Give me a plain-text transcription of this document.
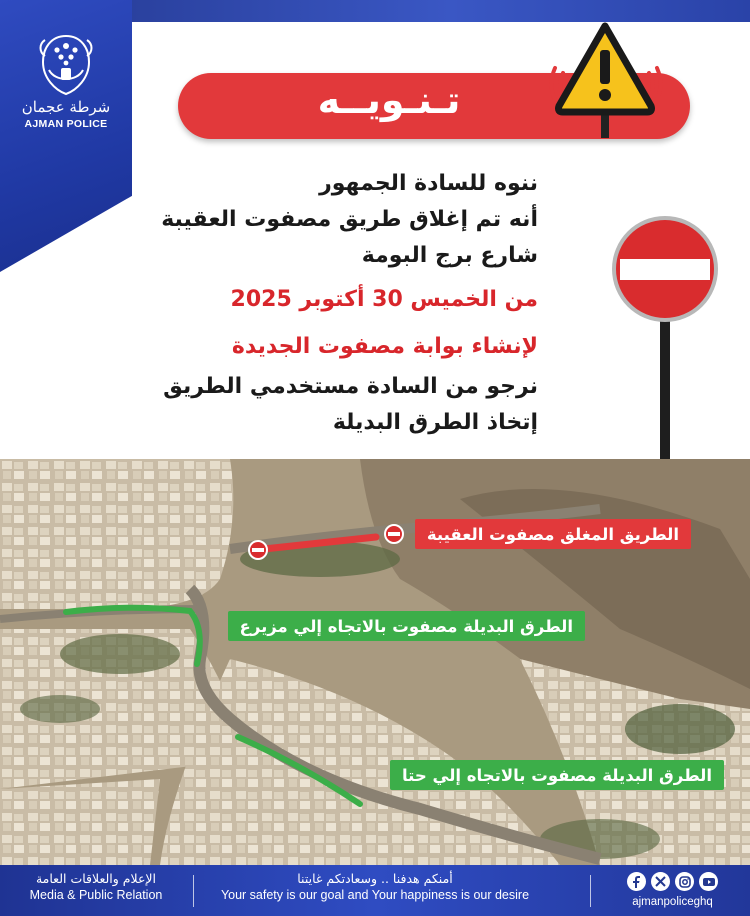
شرطة عجمان
AJMAN POLICE
تـنـويــه
ننوه للسادة الجمهور
أنه تم إغلاق طريق مصفوت العقيبة
شارع برج البومة
من الخميس 30 أكتوبر 2025
لإنشاء بوابة مصفوت الجديدة
نرجو من السادة مستخدمي الطريق
إتخاذ الطرق البديلة
الطريق المغلق مصفوت العقيبة
الطرق البديلة مصفوت بالاتجاه إلي مزيرع
الطرق البديلة مصفوت بالاتجاه إلي حتا
الإعلام والعلاقات العامة
Media & Public Relation
أمنكم هدفنا .. وسعادتكم غايتنا
Your safety is our goal and Your happiness is our desire	ajmanpoliceghq
